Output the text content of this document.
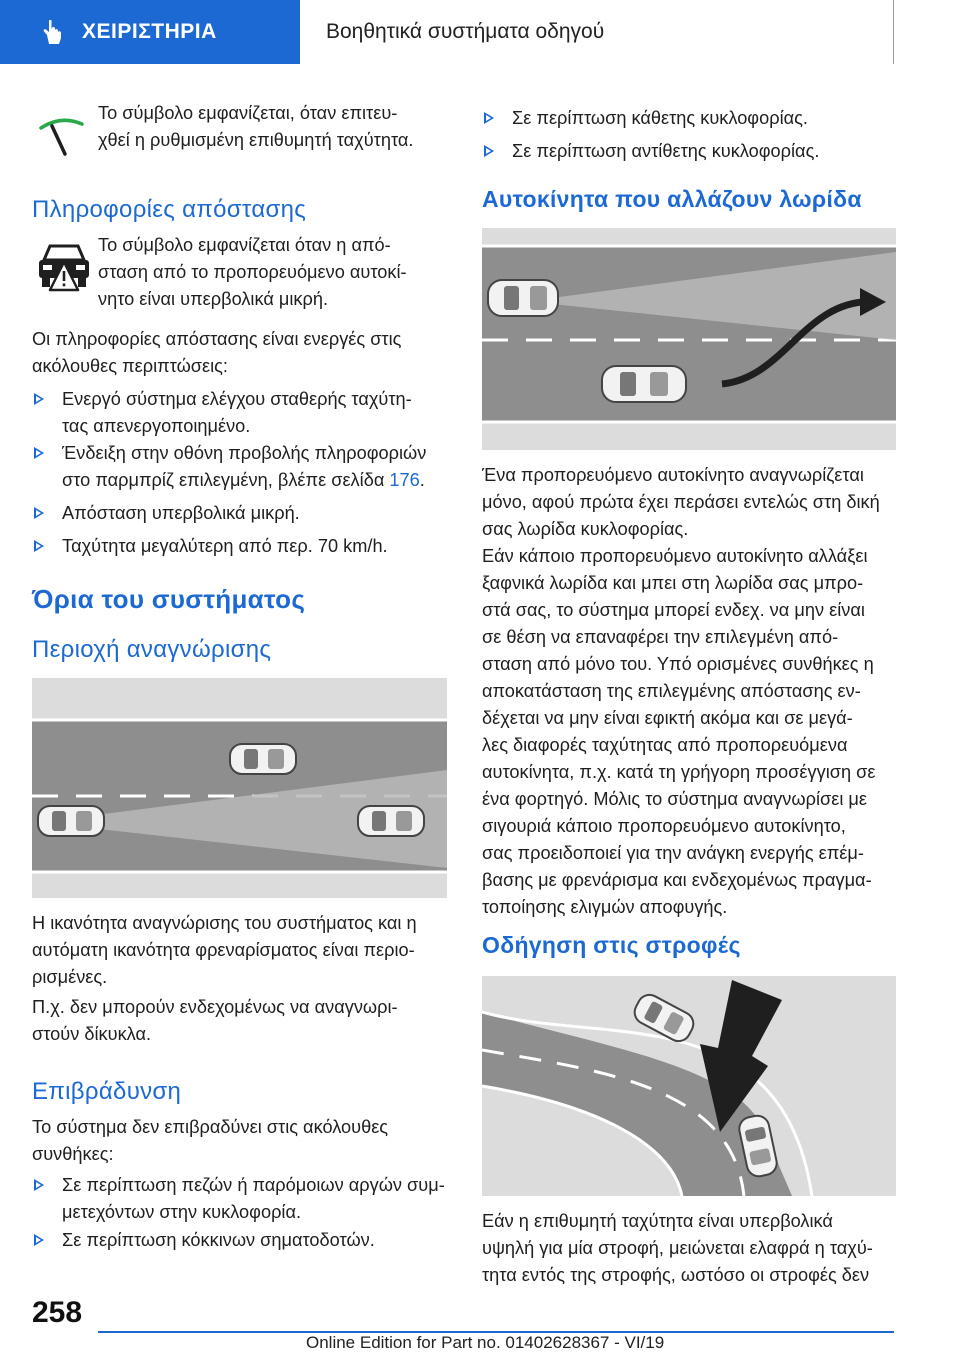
ΧΕΙΡΙΣΤΗΡΙΑ	Βοηθητικά συστήματα οδηγού

Το σύμβολο εμφανίζεται, όταν επιτευ‐

χθεί η ρυθμισμένη επιθυμητή ταχύτητα.

Πληροφορίες απόστασης

Το σύμβολο εμφανίζεται όταν η από‐

σταση από το προπορευόμενο αυτοκί‐

νητο είναι υπερβολικά μικρή.

Οι πληροφορίες απόστασης είναι ενεργές στις

ακόλουθες περιπτώσεις:

Ενεργό σύστημα ελέγχου σταθερής ταχύτη‐

τας απενεργοποιημένο.

Ένδειξη στην οθόνη προβολής πληροφοριών

στο παρμπρίζ επιλεγμένη, βλέπε σελίδα 176.

Απόσταση υπερβολικά μικρή.

Ταχύτητα μεγαλύτερη από περ. 70 km/h.

Όρια του συστήματος
Περιοχή αναγνώρισης

Η ικανότητα αναγνώρισης του συστήματος και η

αυτόματη ικανότητα φρεναρίσματος είναι περιο‐

ρισμένες.

Π.χ. δεν μπορούν ενδεχομένως να αναγνωρι‐

στούν δίκυκλα.

Επιβράδυνση

Το σύστημα δεν επιβραδύνει στις ακόλουθες

συνθήκες:

Σε περίπτωση πεζών ή παρόμοιων αργών συμ‐

μετεχόντων στην κυκλοφορία.

Σε περίπτωση κόκκινων σηματοδοτών.

Σε περίπτωση κάθετης κυκλοφορίας.

Σε περίπτωση αντίθετης κυκλοφορίας.

Αυτοκίνητα που αλλάζουν λωρίδα

Ένα προπορευόμενο αυτοκίνητο αναγνωρίζεται

μόνο, αφού πρώτα έχει περάσει εντελώς στη δική

σας λωρίδα κυκλοφορίας.

Εάν κάποιο προπορευόμενο αυτοκίνητο αλλάξει

ξαφνικά λωρίδα και μπει στη λωρίδα σας μπρο‐

στά σας, το σύστημα μπορεί ενδεχ. να μην είναι

σε θέση να επαναφέρει την επιλεγμένη από‐

σταση από μόνο του. Υπό ορισμένες συνθήκες η

αποκατάσταση της επιλεγμένης απόστασης εν‐

δέχεται να μην είναι εφικτή ακόμα και σε μεγά‐

λες διαφορές ταχύτητας από προπορευόμενα

αυτοκίνητα, π.χ. κατά τη γρήγορη προσέγγιση σε

ένα φορτηγό. Μόλις το σύστημα αναγνωρίσει με

σιγουριά κάποιο προπορευόμενο αυτοκίνητο,

σας προειδοποιεί για την ανάγκη ενεργής επέμ‐

βασης με φρενάρισμα και ενδεχομένως πραγμα‐

τοποίησης ελιγμών αποφυγής.

Οδήγηση στις στροφές

Εάν η επιθυμητή ταχύτητα είναι υπερβολικά

υψηλή για μία στροφή, μειώνεται ελαφρά η ταχύ‐

τητα εντός της στροφής, ωστόσο οι στροφές δεν

258
Online Edition for Part no. 01402628367 - VI/19
